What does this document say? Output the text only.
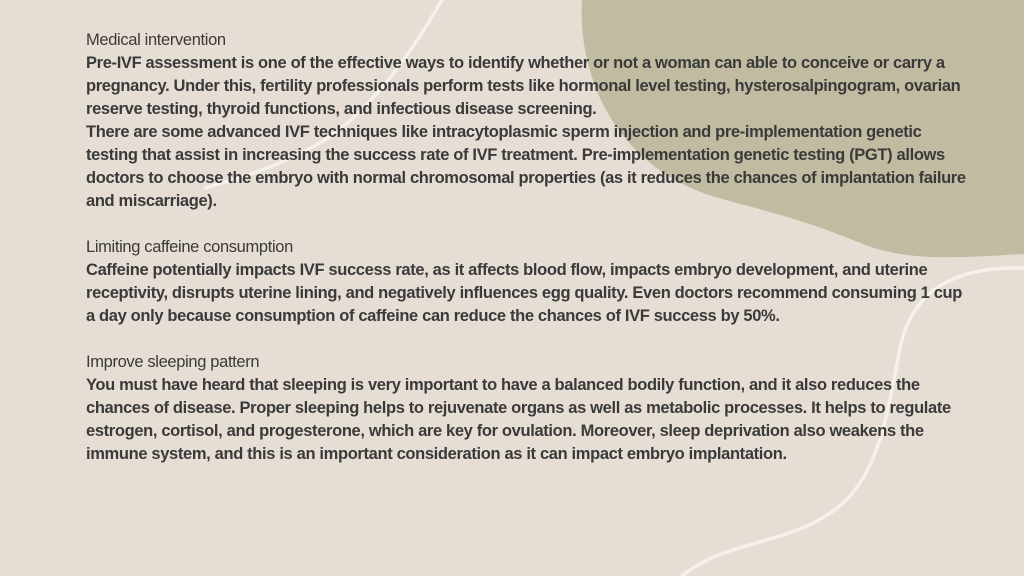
Medical intervention
Pre-IVF assessment is one of the effective ways to identify whether or not a woman can able to conceive or carry a pregnancy. Under this, fertility professionals perform tests like hormonal level testing, hysterosalpingogram, ovarian reserve testing, thyroid functions, and infectious disease screening.
There are some advanced IVF techniques like intracytoplasmic sperm injection and pre-implementation genetic testing that assist in increasing the success rate of IVF treatment. Pre-implementation genetic testing (PGT) allows doctors to choose the embryo with normal chromosomal properties (as it reduces the chances of implantation failure and miscarriage).
Limiting caffeine consumption
Caffeine potentially impacts IVF success rate, as it affects blood flow, impacts embryo development, and uterine receptivity, disrupts uterine lining, and negatively influences egg quality. Even doctors recommend consuming 1 cup a day only because consumption of caffeine can reduce the chances of IVF success by 50%.
Improve sleeping pattern
You must have heard that sleeping is very important to have a balanced bodily function, and it also reduces the chances of disease. Proper sleeping helps to rejuvenate organs as well as metabolic processes. It helps to regulate estrogen, cortisol, and progesterone, which are key for ovulation. Moreover, sleep deprivation also weakens the immune system, and this is an important consideration as it can impact embryo implantation.
